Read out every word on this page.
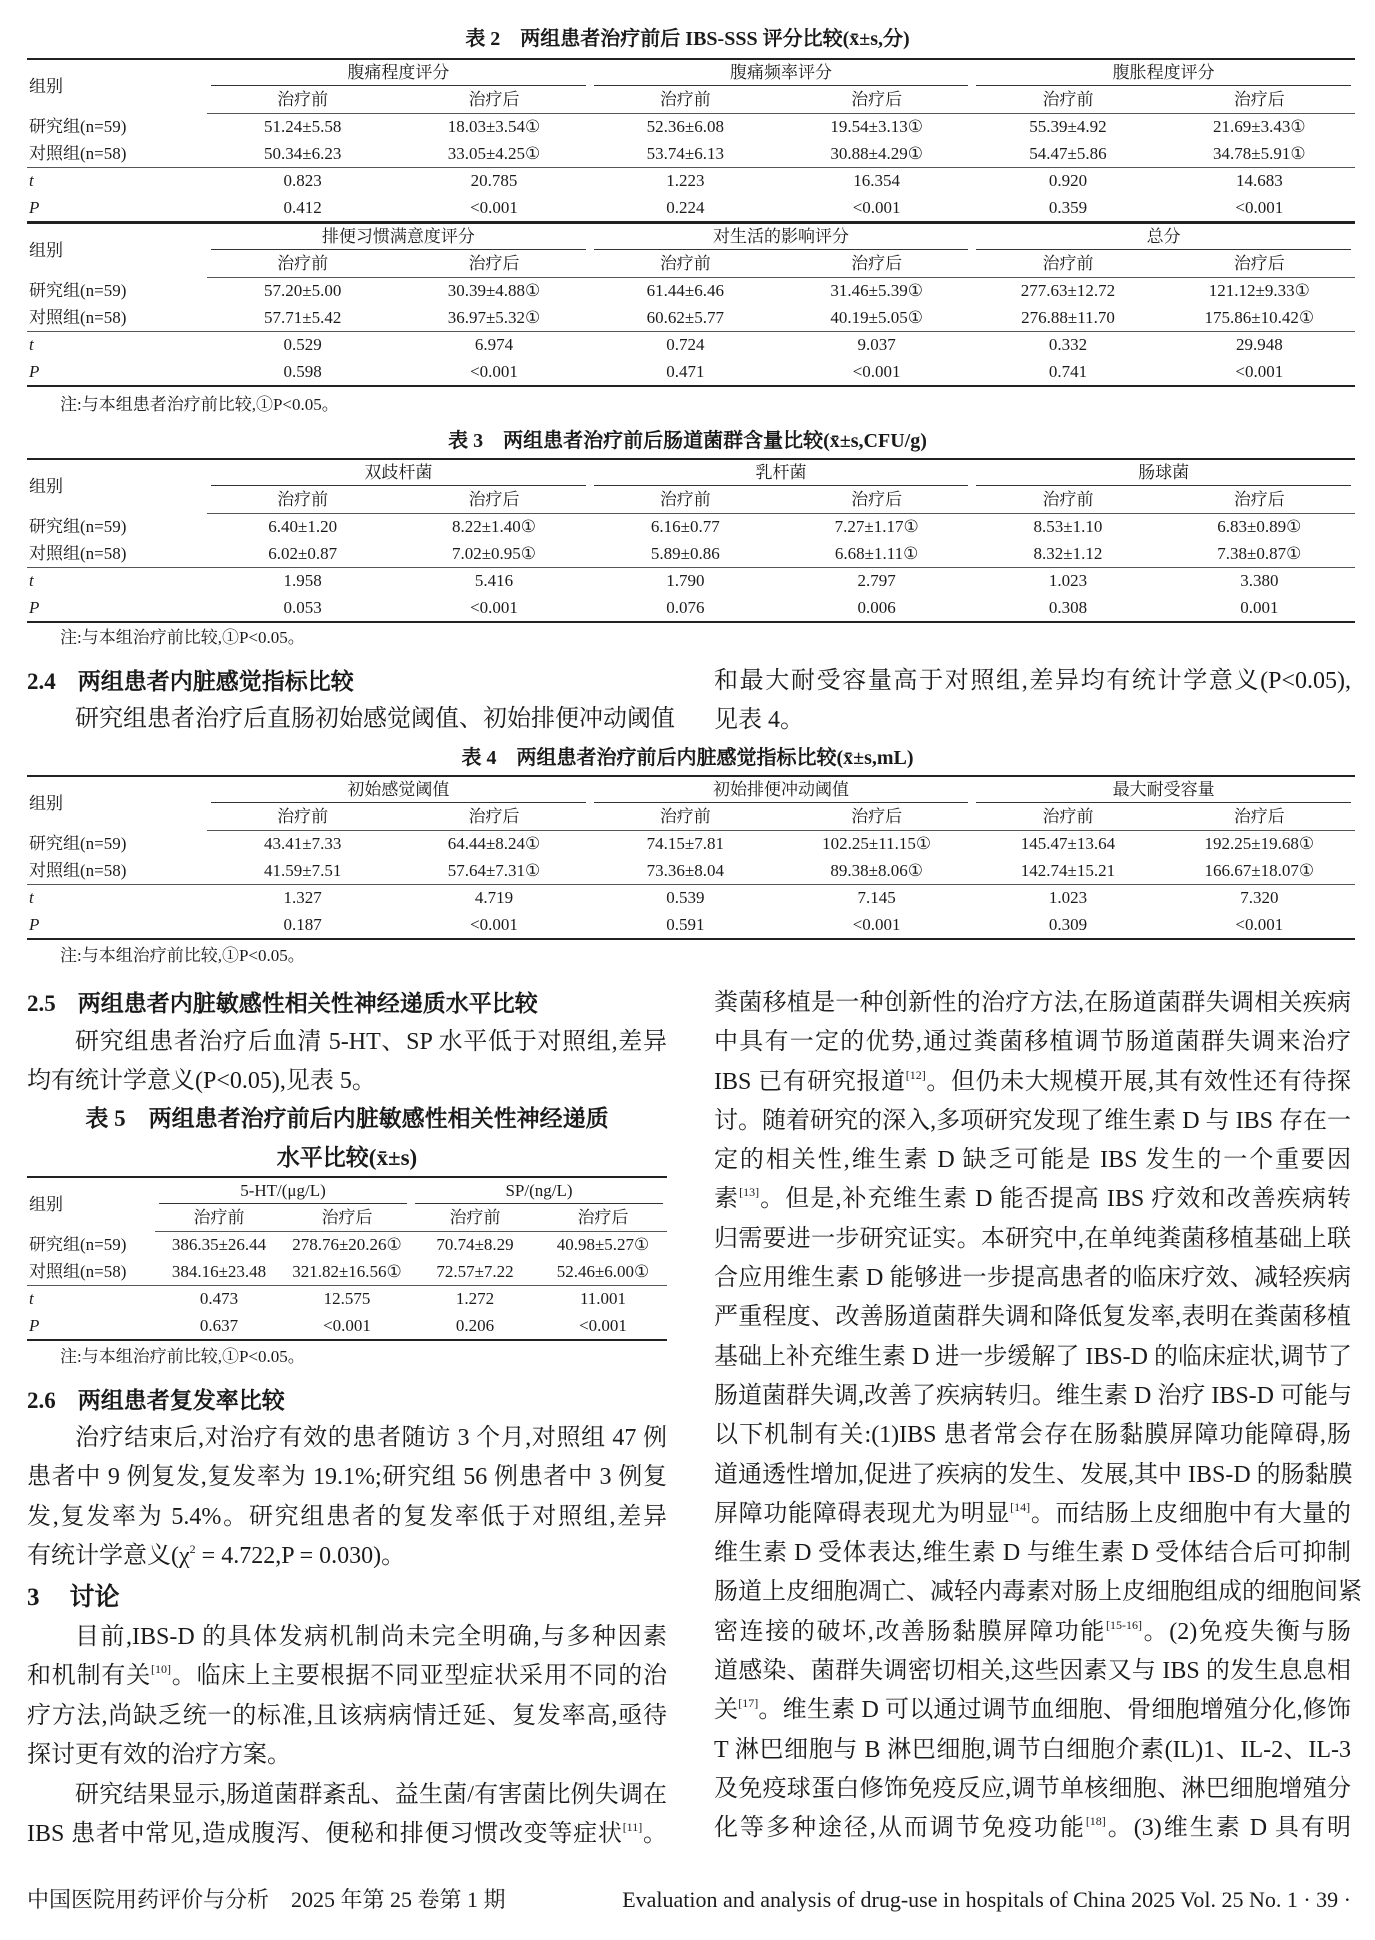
表 2　两组患者治疗前后 IBS-SSS 评分比较(x̄±s,分)
组别	腹痛程度评分		腹痛频率评分		腹胀程度评分	

	治疗前	治疗后	治疗前	治疗后	治疗前	治疗后
研究组(n=59)	51.24±5.58	18.03±3.54①	52.36±6.08	19.54±3.13①	55.39±4.92	21.69±3.43①
对照组(n=58)	50.34±6.23	33.05±4.25①	53.74±6.13	30.88±4.29①	54.47±5.86	34.78±5.91①
t	0.823	20.785	1.223	16.354	0.920	14.683
P	0.412	<0.001	0.224	<0.001	0.359	<0.001
组别	排便习惯满意度评分		对生活的影响评分		总分	

	治疗前	治疗后	治疗前	治疗后	治疗前	治疗后
研究组(n=59)	57.20±5.00	30.39±4.88①	61.44±6.46	31.46±5.39①	277.63±12.72	121.12±9.33①
对照组(n=58)	57.71±5.42	36.97±5.32①	60.62±5.77	40.19±5.05①	276.88±11.70	175.86±10.42①
t	0.529	6.974	0.724	9.037	0.332	29.948
P	0.598	<0.001	0.471	<0.001	0.741	<0.001
注:与本组患者治疗前比较,①P<0.05。
表 3　两组患者治疗前后肠道菌群含量比较(x̄±s,CFU/g)
组别	双歧杆菌		乳杆菌		肠球菌	

	治疗前	治疗后	治疗前	治疗后	治疗前	治疗后
研究组(n=59)	6.40±1.20	8.22±1.40①	6.16±0.77	7.27±1.17①	8.53±1.10	6.83±0.89①
对照组(n=58)	6.02±0.87	7.02±0.95①	5.89±0.86	6.68±1.11①	8.32±1.12	7.38±0.87①
t	1.958	5.416	1.790	2.797	1.023	3.380
P	0.053	<0.001	0.076	0.006	0.308	0.001
注:与本组治疗前比较,①P<0.05。
2.4 两组患者内脏感觉指标比较
研究组患者治疗后直肠初始感觉阈值、初始排便冲动阈值
和最大耐受容量高于对照组,差异均有统计学意义(P<0.05),
见表 4。
表 4　两组患者治疗前后内脏感觉指标比较(x̄±s,mL)
组别	初始感觉阈值		初始排便冲动阈值		最大耐受容量	

	治疗前	治疗后	治疗前	治疗后	治疗前	治疗后
研究组(n=59)	43.41±7.33	64.44±8.24①	74.15±7.81	102.25±11.15①	145.47±13.64	192.25±19.68①
对照组(n=58)	41.59±7.51	57.64±7.31①	73.36±8.04	89.38±8.06①	142.74±15.21	166.67±18.07①
t	1.327	4.719	0.539	7.145	1.023	7.320
P	0.187	<0.001	0.591	<0.001	0.309	<0.001
注:与本组治疗前比较,①P<0.05。
2.5 两组患者内脏敏感性相关性神经递质水平比较
研究组患者治疗后血清 5-HT、SP 水平低于对照组,差异
均有统计学意义(P<0.05),见表 5。
表 5　两组患者治疗前后内脏敏感性相关性神经递质
水平比较(x̄±s)
组别	5-HT/(μg/L)		SP/(ng/L)	

	治疗前	治疗后	治疗前	治疗后
研究组(n=59)	386.35±26.44	278.76±20.26①	70.74±8.29	40.98±5.27①
对照组(n=58)	384.16±23.48	321.82±16.56①	72.57±7.22	52.46±6.00①
t	0.473	12.575	1.272	11.001
P	0.637	<0.001	0.206	<0.001
注:与本组治疗前比较,①P<0.05。
2.6 两组患者复发率比较
治疗结束后,对治疗有效的患者随访 3 个月,对照组 47 例
患者中 9 例复发,复发率为 19.1%;研究组 56 例患者中 3 例复
发,复发率为 5.4%。研究组患者的复发率低于对照组,差异
有统计学意义$(\chi^2 = 4.722,P = 0.030)$。
3 讨论
目前,IBS-D 的具体发病机制尚未完全明确,与多种因素
和机制有关[10]。临床上主要根据不同亚型症状采用不同的治
疗方法,尚缺乏统一的标准,且该病病情迁延、复发率高,亟待
探讨更有效的治疗方案。
研究结果显示,肠道菌群紊乱、益生菌/有害菌比例失调在
IBS 患者中常见,造成腹泻、便秘和排便习惯改变等症状[11]。
粪菌移植是一种创新性的治疗方法,在肠道菌群失调相关疾病
中具有一定的优势,通过粪菌移植调节肠道菌群失调来治疗
IBS 已有研究报道[12]。但仍未大规模开展,其有效性还有待探
讨。随着研究的深入,多项研究发现了维生素 D 与 IBS 存在一
定的相关性,维生素 D 缺乏可能是 IBS 发生的一个重要因
素[13]。但是,补充维生素 D 能否提高 IBS 疗效和改善疾病转
归需要进一步研究证实。本研究中,在单纯粪菌移植基础上联
合应用维生素 D 能够进一步提高患者的临床疗效、减轻疾病
严重程度、改善肠道菌群失调和降低复发率,表明在粪菌移植
基础上补充维生素 D 进一步缓解了 IBS-D 的临床症状,调节了
肠道菌群失调,改善了疾病转归。维生素 D 治疗 IBS-D 可能与
以下机制有关:(1)IBS 患者常会存在肠黏膜屏障功能障碍,肠
道通透性增加,促进了疾病的发生、发展,其中 IBS-D 的肠黏膜
屏障功能障碍表现尤为明显[14]。而结肠上皮细胞中有大量的
维生素 D 受体表达,维生素 D 与维生素 D 受体结合后可抑制
肠道上皮细胞凋亡、减轻内毒素对肠上皮细胞组成的细胞间紧
密连接的破坏,改善肠黏膜屏障功能[15-16]。(2)免疫失衡与肠
道感染、菌群失调密切相关,这些因素又与 IBS 的发生息息相
关[17]。维生素 D 可以通过调节血细胞、骨细胞增殖分化,修饰
T 淋巴细胞与 B 淋巴细胞,调节白细胞介素(IL)1、IL-2、IL-3
及免疫球蛋白修饰免疫反应,调节单核细胞、淋巴细胞增殖分
化等多种途径,从而调节免疫功能[18]。(3)维生素 D 具有明
中国医院用药评价与分析　2025 年第 25 卷第 1 期	Evaluation and analysis of drug-use in hospitals of China 2025 Vol. 25 No. 1 · 39 ·
